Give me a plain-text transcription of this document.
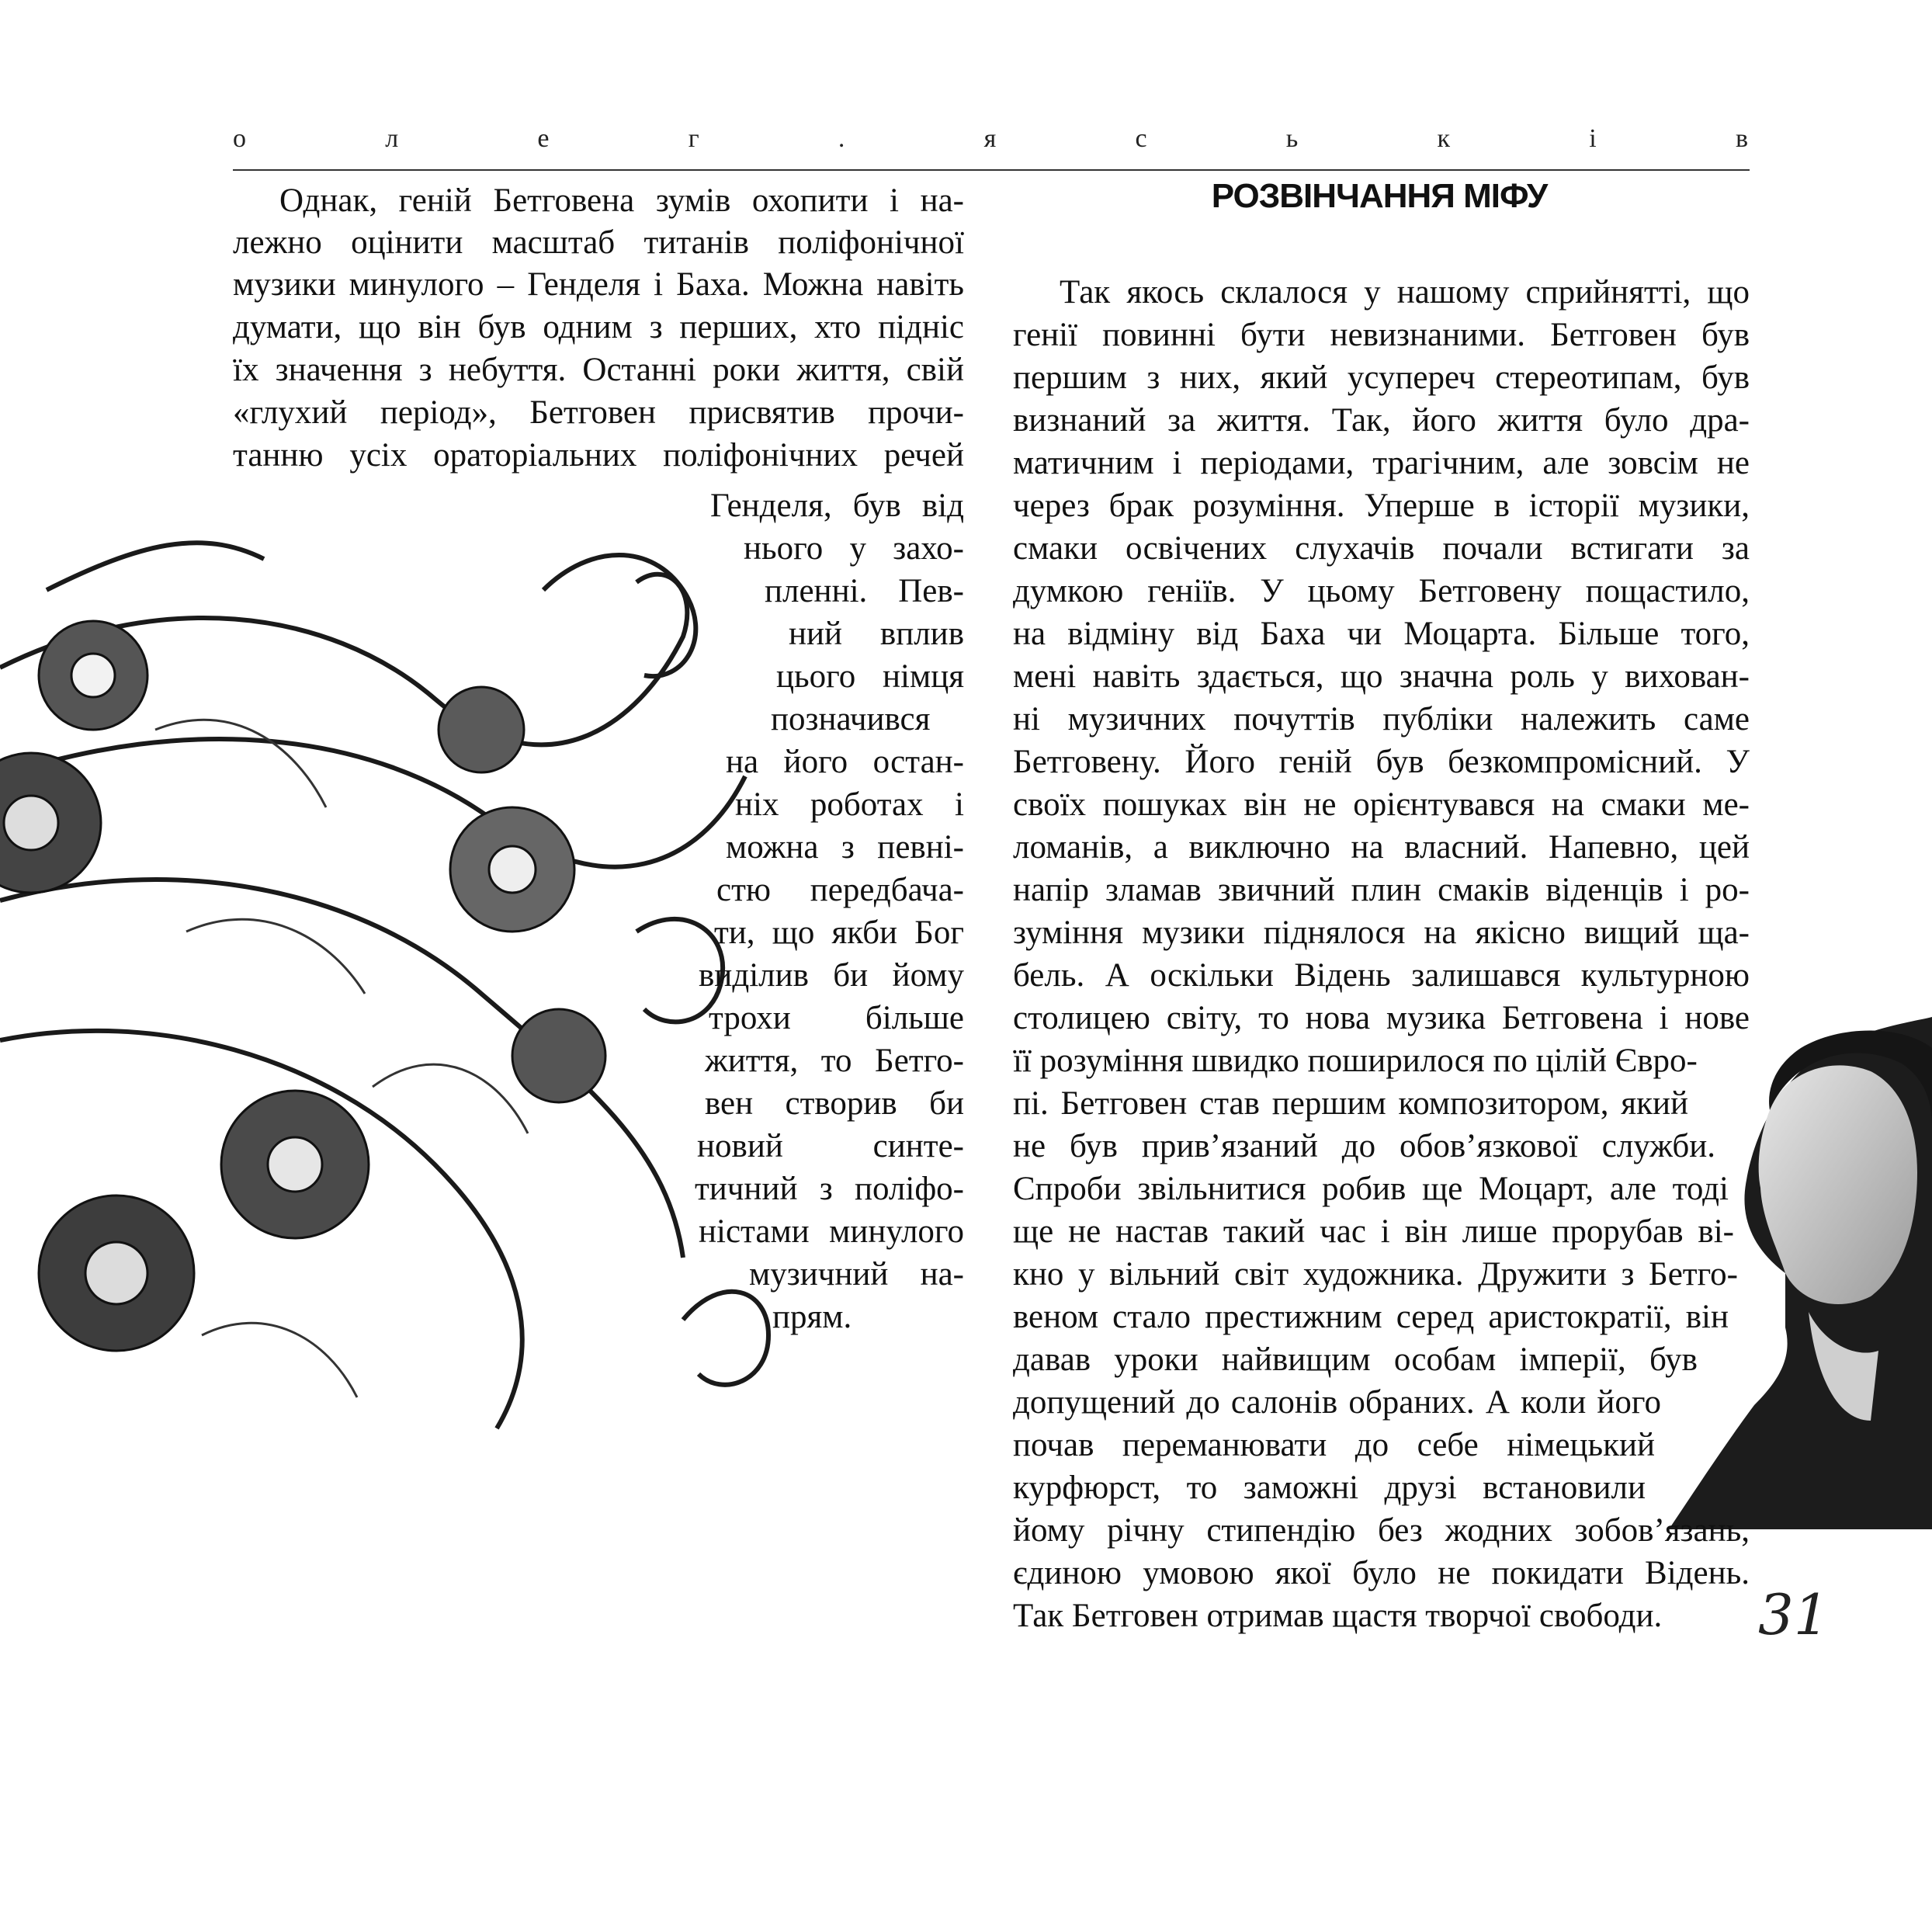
о	л	е	г	.	я	с	ь	к	і	в
Однак, геній Бетговена зумів охопити і на-
лежно оцінити масштаб титанів поліфонічної
музики минулого – Генделя і Баха. Можна навіть
думати, що він був одним з перших, хто підніс
їх значення з небуття. Останні роки життя, свій
«глухий період», Бетговен присвятив прочи-
танню усіх ораторіальних поліфонічних речей
Генделя, був від
нього у захо-
пленні. Пев-
ний вплив
цього німця
позначився
на його остан-
ніх роботах і
можна з певні-
стю передбача-
ти, що якби Бог
виділив би йому
трохи більше
життя, то Бетго-
вен створив би
новий синте-
тичний з поліфо-
ністами минулого
музичний на-
прям.
РОЗВІНЧАННЯ МІФУ
Так якось склалося у нашому сприйнятті, що
генії повинні бути невизнаними. Бетговен був
першим з них, який усупереч стереотипам, був
визнаний за життя. Так, його життя було дра-
матичним і періодами, трагічним, але зовсім не
через брак розуміння. Уперше в історії музики,
смаки освічених слухачів почали встигати за
думкою геніїв. У цьому Бетговену пощастило,
на відміну від Баха чи Моцарта. Більше того,
мені навіть здається, що значна роль у вихован-
ні музичних почуттів публіки належить саме
Бетговену. Його геній був безкомпромісний. У
своїх пошуках він не орієнтувався на смаки ме-
ломанів, а виключно на власний. Напевно, цей
напір зламав звичний плин смаків віденців і ро-
зуміння музики піднялося на якісно вищий ща-
бель. А оскільки Відень залишався культурною
столицею світу, то нова музика Бетговена і нове
її розуміння швидко поширилося по цілій Євро-
пі. Бетговен став першим композитором, який
не був прив’язаний до обов’язкової служби.
Спроби звільнитися робив ще Моцарт, але тоді
ще не настав такий час і він лише прорубав ві-
кно у вільний світ художника. Дружити з Бетго-
веном стало престижним серед аристократії, він
давав уроки найвищим особам імперії, був
допущений до салонів обраних. А коли його
почав переманювати до себе німецький
курфюрст, то заможні друзі встановили
йому річну стипендію без жодних зобов’язань,
єдиною умовою якої було не покидати Відень.
Так Бетговен отримав щастя творчої свободи. 31
